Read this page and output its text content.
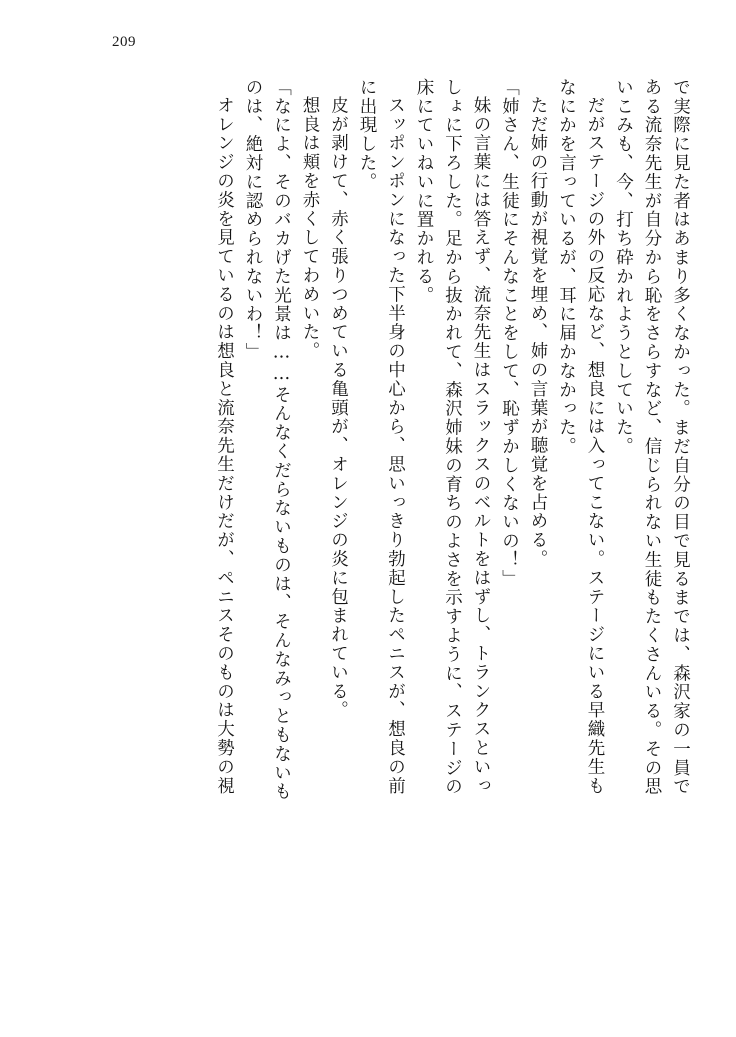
209
で実際に見た者はあまり多くなかった。まだ自分の目で見るまでは、森沢家の一員で
ある流奈先生が自分から恥をさらすなど、信じられない生徒もたくさんいる。その思
いこみも、今、打ち砕かれようとしていた。
だがステージの外の反応など、想良には入ってこない。ステージにいる早織先生も
なにかを言っているが、耳に届かなかった。
ただ姉の行動が視覚を埋め、姉の言葉が聴覚を占める。
「姉さん、生徒にそんなことをして、恥ずかしくないの！」
妹の言葉には答えず、流奈先生はスラックスのベルトをはずし、トランクスといっ
しょに下ろした。足から抜かれて、森沢姉妹の育ちのよさを示すように、ステージの
床にていねいに置かれる。
スッポンポンになった下半身の中心から、思いっきり勃起したペニスが、想良の前
に出現した。
皮が剥けて、赤く張りつめている亀頭が、オレンジの炎に包まれている。
想良は頬を赤くしてわめいた。
「なによ、そのバカげた光景は……そんなくだらないものは、そんなみっともないも
のは、絶対に認められないわ！」
オレンジの炎を見ているのは想良と流奈先生だけだが、ペニスそのものは大勢の視
